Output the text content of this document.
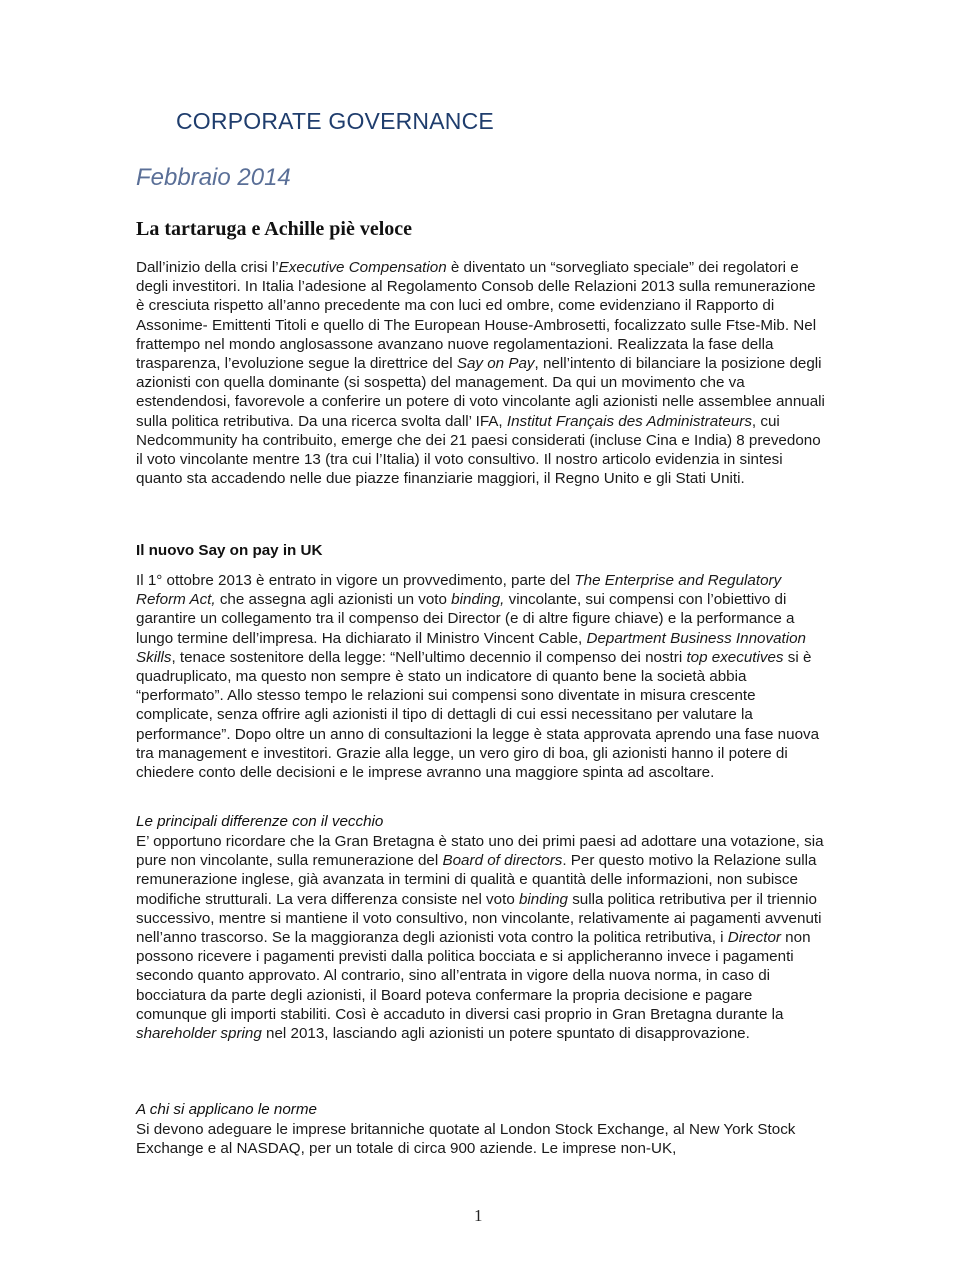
CORPORATE GOVERNANCE
Febbraio 2014
La tartaruga e Achille piè veloce

Dall’inizio della crisi l’Executive Compensation è diventato un “sorvegliato speciale” dei regolatori e degli investitori. In Italia l’adesione al Regolamento Consob delle Relazioni 2013 sulla remunerazione è cresciuta rispetto all’anno precedente ma con luci ed ombre, come evidenziano il Rapporto di Assonime- Emittenti Titoli e quello di The European House-Ambrosetti, focalizzato sulle Ftse-Mib. Nel frattempo nel mondo anglosassone avanzano nuove regolamentazioni. Realizzata la fase della trasparenza, l’evoluzione segue la direttrice del Say on Pay, nell’intento di bilanciare la posizione degli azionisti con quella dominante (si sospetta) del management. Da qui un movimento che va estendendosi, favorevole a conferire un potere di voto vincolante agli azionisti nelle assemblee annuali sulla politica retributiva. Da una ricerca svolta dall’ IFA, Institut Français des Administrateurs, cui Nedcommunity ha contribuito, emerge che dei 21 paesi considerati (incluse Cina e India) 8 prevedono il voto vincolante mentre 13 (tra cui l’Italia) il voto consultivo. Il nostro articolo evidenzia in sintesi quanto sta accadendo nelle due piazze finanziarie maggiori, il Regno Unito e gli Stati Uniti.

Il nuovo Say on pay in UK

Il 1° ottobre 2013 è entrato in vigore un provvedimento, parte del The Enterprise and Regulatory Reform Act, che assegna agli azionisti un voto binding, vincolante, sui compensi con l’obiettivo di garantire un collegamento tra il compenso dei Director (e di altre figure chiave) e la performance a lungo termine dell’impresa. Ha dichiarato il Ministro Vincent Cable, Department Business Innovation Skills, tenace sostenitore della legge: “Nell’ultimo decennio il compenso dei nostri top executives si è quadruplicato, ma questo non sempre è stato un indicatore di quanto bene la società abbia “performato”. Allo stesso tempo le relazioni sui compensi sono diventate in misura crescente complicate, senza offrire agli azionisti il tipo di dettagli di cui essi necessitano per valutare la performance”. Dopo oltre un anno di consultazioni la legge è stata approvata aprendo una fase nuova tra management e investitori. Grazie alla legge, un vero giro di boa, gli azionisti hanno il potere di chiedere conto delle decisioni e le imprese avranno una maggiore spinta ad ascoltare.

Le principali differenze con il vecchio

E’ opportuno ricordare che la Gran Bretagna è stato uno dei primi paesi ad adottare una votazione, sia pure non vincolante, sulla remunerazione del Board of directors. Per questo motivo la Relazione sulla remunerazione inglese, già avanzata in termini di qualità e quantità delle informazioni, non subisce modifiche strutturali. La vera differenza consiste nel voto binding sulla politica retributiva per il triennio successivo, mentre si mantiene il voto consultivo, non vincolante, relativamente ai pagamenti avvenuti nell’anno trascorso. Se la maggioranza degli azionisti vota contro la politica retributiva, i Director non possono ricevere i pagamenti previsti dalla politica bocciata e si applicheranno invece i pagamenti secondo quanto approvato. Al contrario, sino all’entrata in vigore della nuova norma, in caso di bocciatura da parte degli azionisti, il Board poteva confermare la propria decisione e pagare comunque gli importi stabiliti. Così è accaduto in diversi casi proprio in Gran Bretagna durante la shareholder spring nel 2013, lasciando agli azionisti un potere spuntato di disapprovazione.

A chi si applicano le norme

Si devono adeguare le imprese britanniche quotate al London Stock Exchange, al New York Stock Exchange e al NASDAQ, per un totale di circa 900 aziende. Le imprese non-UK,

1
